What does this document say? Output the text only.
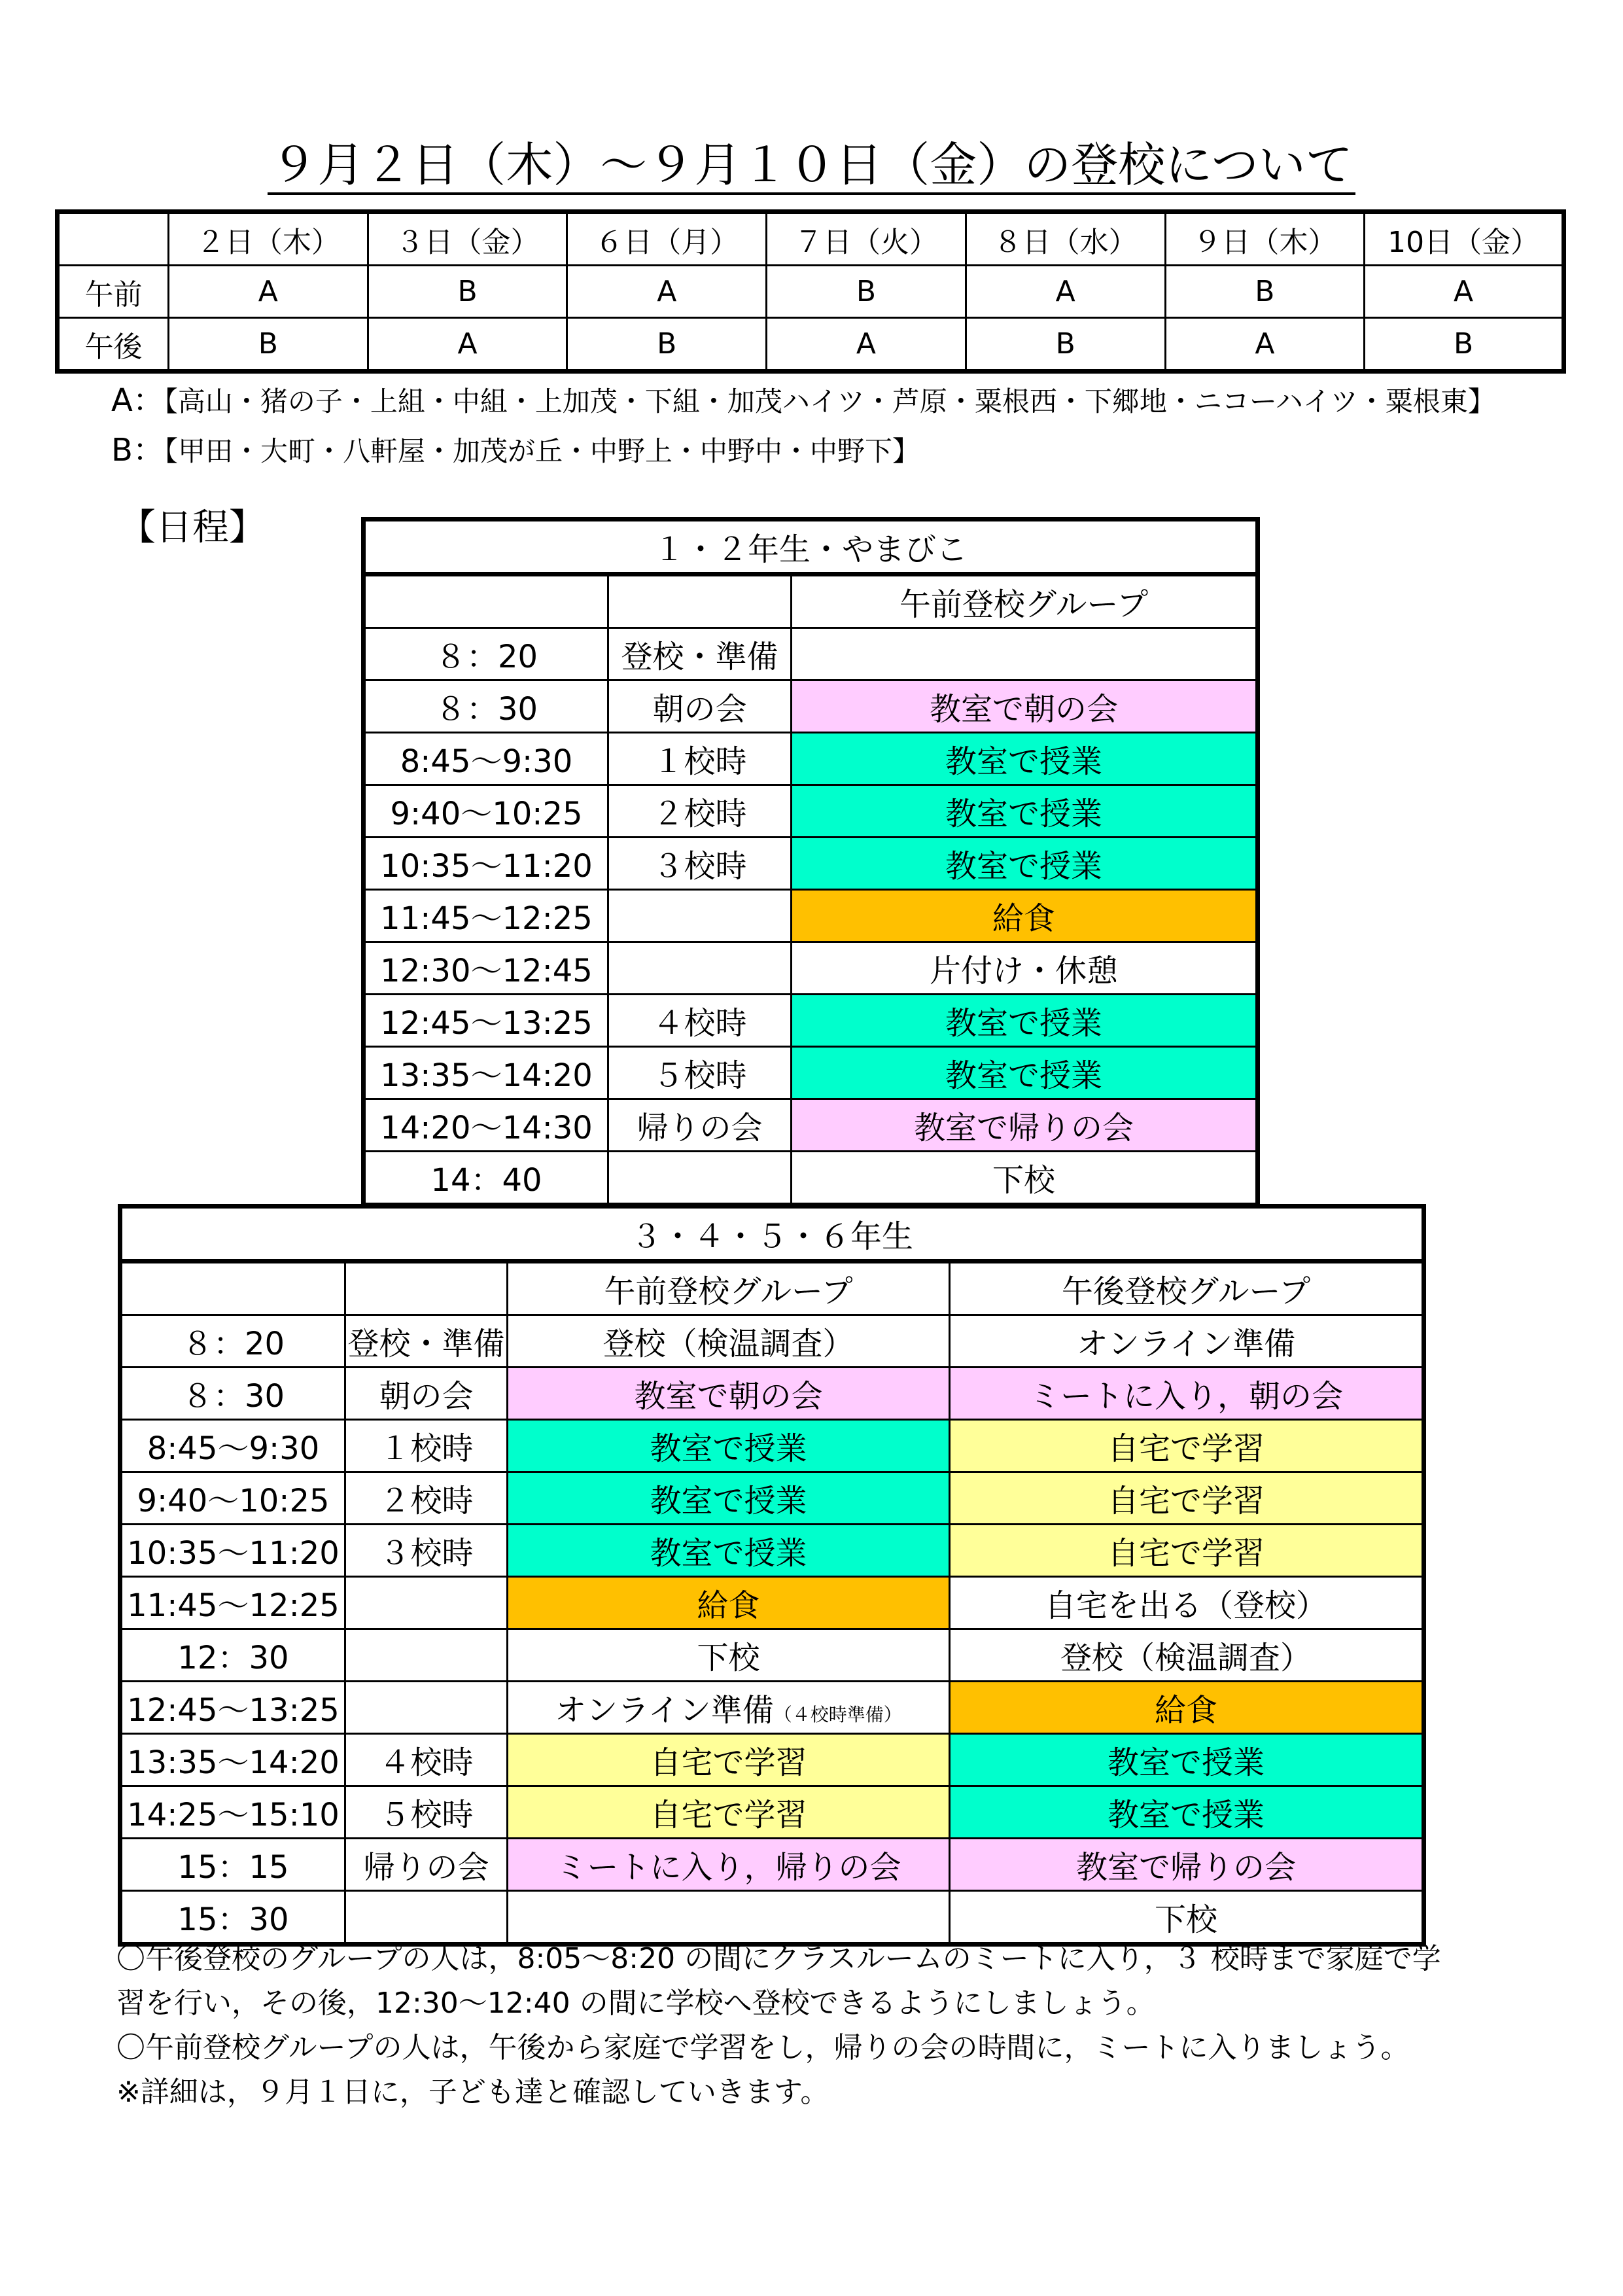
９月２日（木）～９月１０日（金）の登校について
	２日（木）	３日（金）	６日（月）	７日（火）	８日（水）	９日（木）	10日（金）
午前	A	B	A	B	A	B	A
午後	B	A	B	A	B	A	B
A：【高山・猪の子・上組・中組・上加茂・下組・加茂ハイツ・芦原・粟根西・下郷地・ニコーハイツ・粟根東】
B：【甲田・大町・八軒屋・加茂が丘・中野上・中野中・中野下】
【日程】
１・２年生・やまびこ		
		午前登校グループ
８：20	登校・準備	
８：30	朝の会	教室で朝の会
8:45～9:30	１校時	教室で授業
9:40～10:25	２校時	教室で授業
10:35～11:20	３校時	教室で授業
11:45～12:25		給食
12:30～12:45		片付け・休憩
12:45～13:25	４校時	教室で授業
13:35～14:20	５校時	教室で授業
14:20～14:30	帰りの会	教室で帰りの会
14：40		下校
３・４・５・６年生			
		午前登校グループ	午後登校グループ
８：20	登校・準備	登校（検温調査）	オンライン準備
８：30	朝の会	教室で朝の会	ミートに入り，朝の会
8:45～9:30	１校時	教室で授業	自宅で学習
9:40～10:25	２校時	教室で授業	自宅で学習
10:35～11:20	３校時	教室で授業	自宅で学習
11:45～12:25		給食	自宅を出る（登校）
12：30		下校	登校（検温調査）
12:45～13:25		オンライン準備（４校時準備）	給食
13:35～14:20	４校時	自宅で学習	教室で授業
14:25～15:10	５校時	自宅で学習	教室で授業
15：15	帰りの会	ミートに入り，帰りの会	教室で帰りの会
15：30			下校

〇午後登校のグループの人は，8:05～8:20 の間にクラスルームのミートに入り，３ 校時まで家庭で学

習を行い，その後，12:30～12:40 の間に学校へ登校できるようにしましょう。

〇午前登校グループの人は，午後から家庭で学習をし，帰りの会の時間に，ミートに入りましょう。

※詳細は，９月１日に，子ども達と確認していきます。
